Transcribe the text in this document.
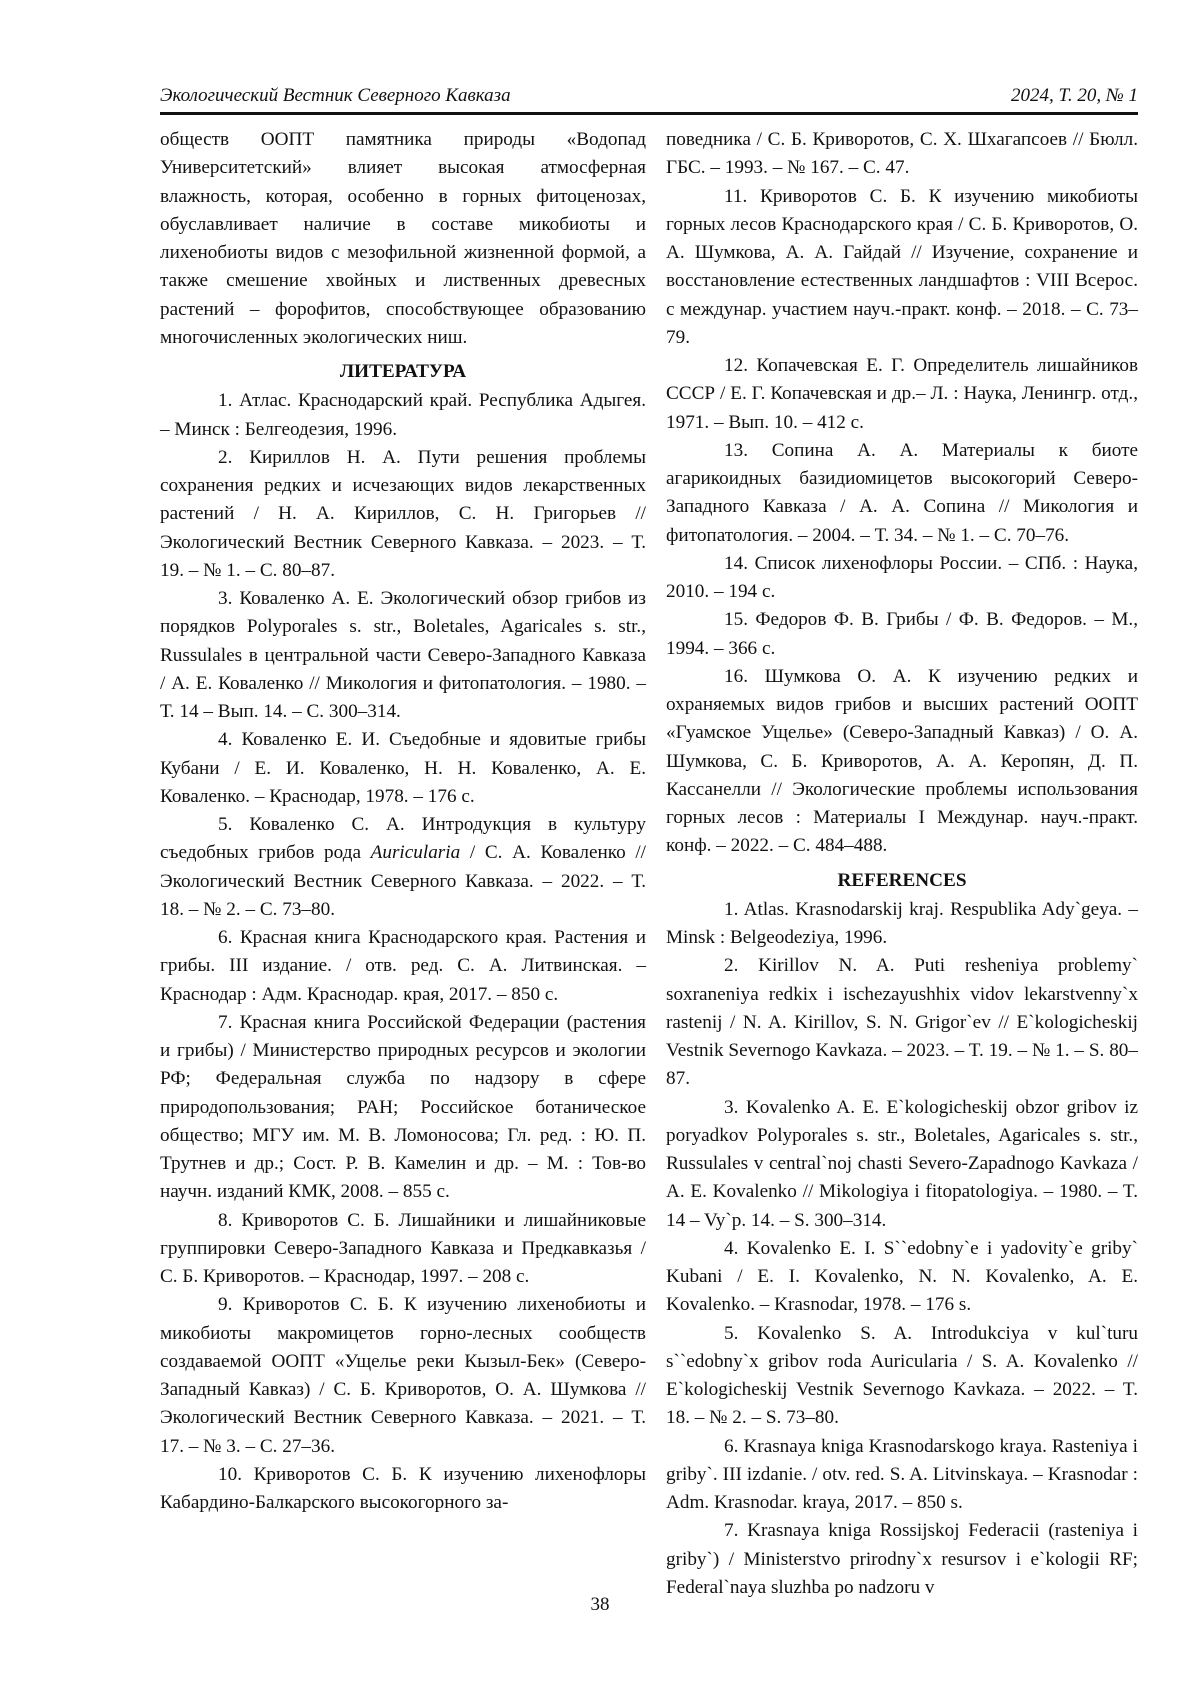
Экологический Вестник Северного Кавказа	2024, Т. 20, № 1

обществ ООПТ памятника природы «Водопад Университетский» влияет высокая атмосферная влажность, которая, особенно в горных фитоценозах, обуславливает наличие в составе микобиоты и лихенобиоты видов с мезофильной жизненной формой, а также смешение хвойных и лиственных древесных растений – форофитов, способствующее образованию многочисленных экологических ниш.

ЛИТЕРАТУРА

1. Атлас. Краснодарский край. Республика Адыгея. – Минск : Белгеодезия, 1996.

2. Кириллов Н. А. Пути решения проблемы сохранения редких и исчезающих видов лекарственных растений / Н. А. Кириллов, С. Н. Григорьев // Экологический Вестник Северного Кавказа. – 2023. – Т. 19. – № 1. – С. 80–87.

3. Коваленко А. Е. Экологический обзор грибов из порядков Polyporales s. str., Boletales, Agaricales s. str., Russulales в центральной части Северо-Западного Кавказа / А. Е. Коваленко // Микология и фитопатология. – 1980. – Т. 14 – Вып. 14. – С. 300–314.

4. Коваленко Е. И. Съедобные и ядовитые грибы Кубани / Е. И. Коваленко, Н. Н. Коваленко, А. Е. Коваленко. – Краснодар, 1978. – 176 с.

5. Коваленко С. А. Интродукция в культуру съедобных грибов рода Auricularia / С. А. Коваленко // Экологический Вестник Северного Кавказа. – 2022. – Т. 18. – № 2. – С. 73–80.

6. Красная книга Краснодарского края. Растения и грибы. III издание. / отв. ред. С. А. Литвинская. – Краснодар : Адм. Краснодар. края, 2017. – 850 с.

7. Красная книга Российской Федерации (растения и грибы) / Министерство природных ресурсов и экологии РФ; Федеральная служба по надзору в сфере природопользования; РАН; Российское ботаническое общество; МГУ им. М. В. Ломоносова; Гл. ред. : Ю. П. Трутнев и др.; Сост. Р. В. Камелин и др. – М. : Тов-во научн. изданий КМК, 2008. – 855 с.

8. Криворотов С. Б. Лишайники и лишайниковые группировки Северо-Западного Кавказа и Предкавказья / С. Б. Криворотов. – Краснодар, 1997. – 208 с.

9. Криворотов С. Б. К изучению лихенобиоты и микобиоты макромицетов горно-лесных сообществ создаваемой ООПТ «Ущелье реки Кызыл-Бек» (Северо-Западный Кавказ) / С. Б. Криворотов, О. А. Шумкова // Экологический Вестник Северного Кавказа. – 2021. – Т. 17. – № 3. – С. 27–36.

10. Криворотов С. Б. К изучению лихенофлоры Кабардино-Балкарского высокогорного за-

поведника / С. Б. Криворотов, С. Х. Шхагапсоев // Бюлл. ГБС. – 1993. – № 167. – С. 47.

11. Криворотов С. Б. К изучению микобиоты горных лесов Краснодарского края / С. Б. Криворотов, О. А. Шумкова, А. А. Гайдай // Изучение, сохранение и восстановление естественных ландшафтов : VIII Всерос. с междунар. участием науч.-практ. конф. – 2018. – С. 73–79.

12. Копачевская Е. Г. Определитель лишайников СССР / Е. Г. Копачевская и др.– Л. : Наука, Ленингр. отд., 1971. – Вып. 10. – 412 с.

13. Сопина А. А. Материалы к биоте агарикоидных базидиомицетов высокогорий Северо-Западного Кавказа / А. А. Сопина // Микология и фитопатология. – 2004. – Т. 34. – № 1. – С. 70–76.

14. Список лихенофлоры России. – СПб. : Наука, 2010. – 194 с.

15. Федоров Ф. В. Грибы / Ф. В. Федоров. – М., 1994. – 366 с.

16. Шумкова О. А. К изучению редких и охраняемых видов грибов и высших растений ООПТ «Гуамское Ущелье» (Северо-Западный Кавказ) / О. А. Шумкова, С. Б. Криворотов, А. А. Керопян, Д. П. Кассанелли // Экологические проблемы использования горных лесов : Материалы I Междунар. науч.-практ. конф. – 2022. – С. 484–488.

REFERENCES

1. Atlas. Krasnodarskij kraj. Respublika Ady`geya. – Minsk : Belgeodeziya, 1996.

2. Kirillov N. A. Puti resheniya problemy` soxraneniya redkix i ischezayushhix vidov lekarstvenny`x rastenij / N. A. Kirillov, S. N. Grigor`ev // E`kologicheskij Vestnik Severnogo Kavkaza. – 2023. – T. 19. – № 1. – S. 80–87.

3. Kovalenko A. E. E`kologicheskij obzor gribov iz poryadkov Polyporales s. str., Boletales, Agaricales s. str., Russulales v central`noj chasti Severo-Zapadnogo Kavkaza / A. E. Kovalenko // Mikologiya i fitopatologiya. – 1980. – T. 14 – Vy`p. 14. – S. 300–314.

4. Kovalenko E. I. S``edobny`e i yadovity`e griby` Kubani / E. I. Kovalenko, N. N. Kovalenko, A. E. Kovalenko. – Krasnodar, 1978. – 176 s.

5. Kovalenko S. A. Introdukciya v kul`turu s``edobny`x gribov roda Auricularia / S. A. Kovalenko // E`kologicheskij Vestnik Severnogo Kavkaza. – 2022. – T. 18. – № 2. – S. 73–80.

6. Krasnaya kniga Krasnodarskogo kraya. Rasteniya i griby`. III izdanie. / otv. red. S. A. Litvinskaya. – Krasnodar : Adm. Krasnodar. kraya, 2017. – 850 s.

7. Krasnaya kniga Rossijskoj Federacii (rasteniya i griby`) / Ministerstvo prirodny`x resursov i e`kologii RF; Federal`naya sluzhba po nadzoru v

38
